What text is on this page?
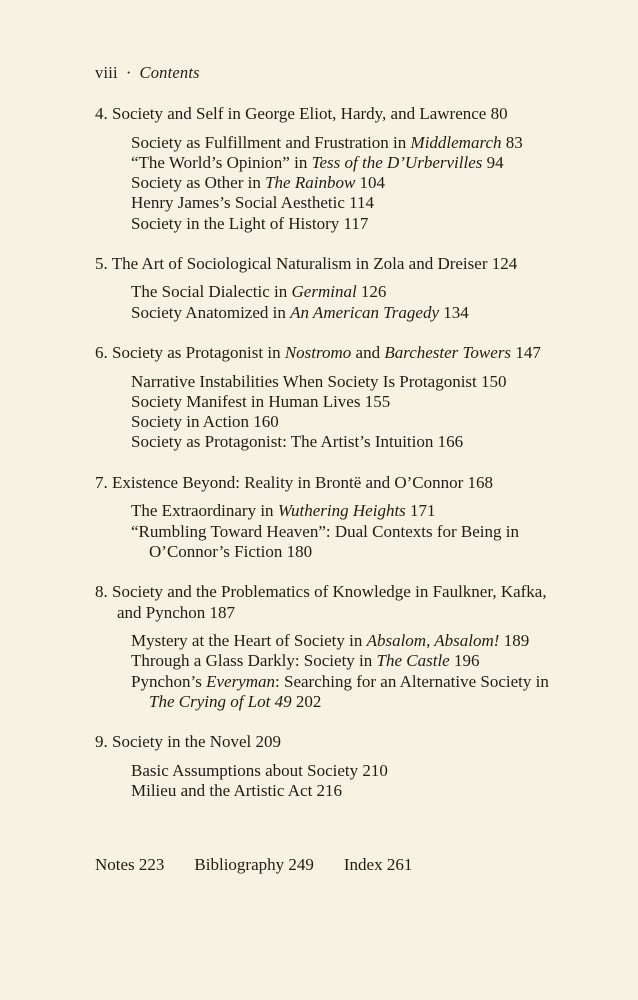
viii · Contents
4. Society and Self in George Eliot, Hardy, and Lawrence 80
Society as Fulfillment and Frustration in Middlemarch 83
“The World’s Opinion” in Tess of the D’Urbervilles 94
Society as Other in The Rainbow 104
Henry James’s Social Aesthetic 114
Society in the Light of History 117
5. The Art of Sociological Naturalism in Zola and Dreiser 124
The Social Dialectic in Germinal 126
Society Anatomized in An American Tragedy 134
6. Society as Protagonist in Nostromo and Barchester Towers 147
Narrative Instabilities When Society Is Protagonist 150
Society Manifest in Human Lives 155
Society in Action 160
Society as Protagonist: The Artist’s Intuition 166
7. Existence Beyond: Reality in Brontë and O’Connor 168
The Extraordinary in Wuthering Heights 171
“Rumbling Toward Heaven”: Dual Contexts for Being in O’Connor’s Fiction 180
8. Society and the Problematics of Knowledge in Faulkner, Kafka, and Pynchon 187
Mystery at the Heart of Society in Absalom, Absalom! 189
Through a Glass Darkly: Society in The Castle 196
Pynchon’s Everyman: Searching for an Alternative Society in The Crying of Lot 49 202
9. Society in the Novel 209
Basic Assumptions about Society 210
Milieu and the Artistic Act 216
Notes 223 Bibliography 249 Index 261
